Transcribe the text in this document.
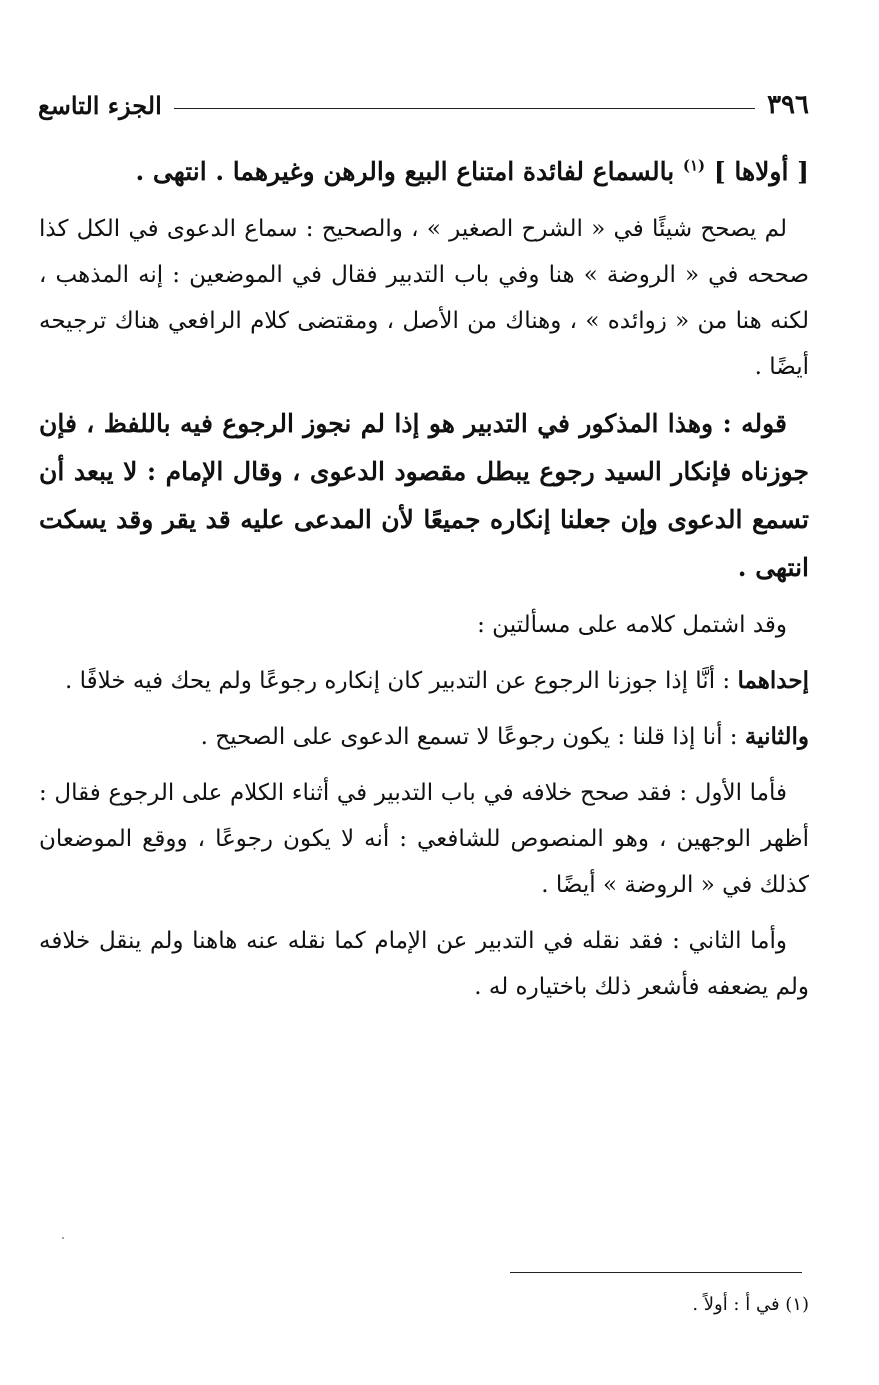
٣٩٦
الجزء التاسع

[ أولاها ] $^{(١)}$ بالسماع لفائدة امتناع البيع والرهن وغيرهما . انتهى .

لم يصحح شيئًا في « الشرح الصغير » ، والصحيح : سماع الدعوى في الكل كذا صححه في « الروضة » هنا وفي باب التدبير فقال في الموضعين : إنه المذهب ، لكنه هنا من « زوائده » ، وهناك من الأصل ، ومقتضى كلام الرافعي هناك ترجيحه أيضًا .

قوله : وهذا المذكور في التدبير هو إذا لم نجوز الرجوع فيه باللفظ ، فإن جوزناه فإنكار السيد رجوع يبطل مقصود الدعوى ، وقال الإمام : لا يبعد أن تسمع الدعوى وإن جعلنا إنكاره جميعًا لأن المدعى عليه قد يقر وقد يسكت انتهى .

وقد اشتمل كلامه على مسألتين :

إحداهما : أنَّا إذا جوزنا الرجوع عن التدبير كان إنكاره رجوعًا ولم يحك فيه خلافًا .

والثانية : أنا إذا قلنا : يكون رجوعًا لا تسمع الدعوى على الصحيح .

فأما الأول : فقد صحح خلافه في باب التدبير في أثناء الكلام على الرجوع فقال : أظهر الوجهين ، وهو المنصوص للشافعي : أنه لا يكون رجوعًا ، ووقع الموضعان كذلك في « الروضة » أيضًا .

وأما الثاني : فقد نقله في التدبير عن الإمام كما نقله عنه هاهنا ولم ينقل خلافه ولم يضعفه فأشعر ذلك باختياره له .

(١) في أ : أولاً .
